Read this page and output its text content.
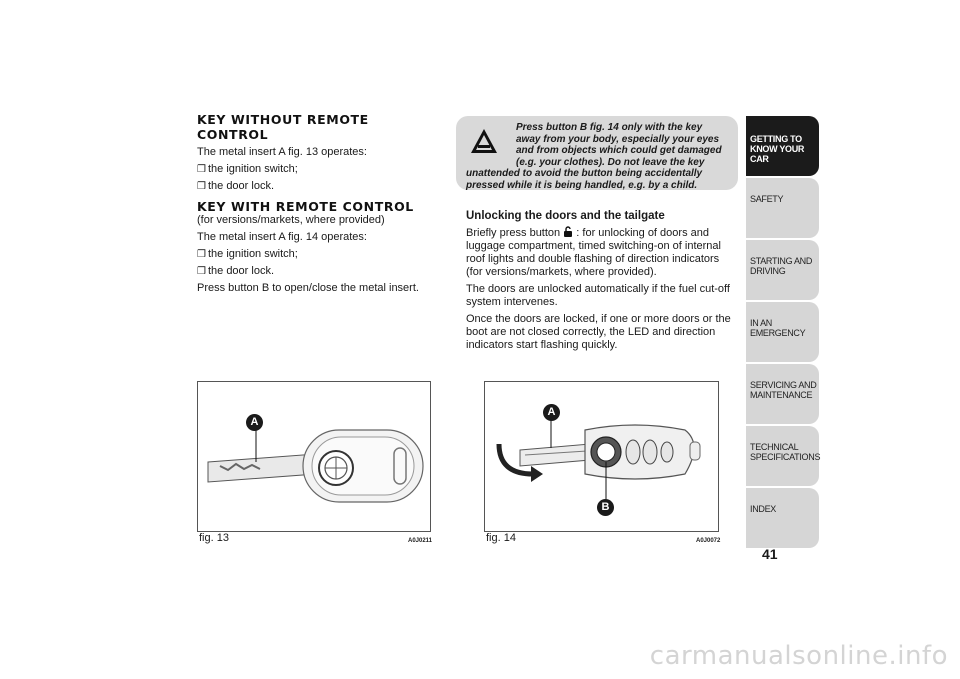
KEY WITHOUT REMOTE CONTROL

The metal insert A fig. 13 operates:

❒ the ignition switch;
❒ the door lock.
KEY WITH REMOTE CONTROL

(for versions/markets, where provided)

The metal insert A fig. 14 operates:

❒ the ignition switch;
❒ the door lock.

Press button B to open/close the metal insert.

Press button B fig. 14 only with the key away from your body, especially your eyes and from objects which could get damaged (e.g. your clothes). Do not leave the key
unattended to avoid the button being accidentally pressed while it is being handled, e.g. by a child.
Unlocking the doors and the tailgate

Briefly press button : for unlocking of doors and luggage compartment, timed switching-on of internal roof lights and double flashing of direction indicators (for versions/markets, where provided).

The doors are unlocked automatically if the fuel cut-off system intervenes.

Once the doors are locked, if one or more doors or the boot are not closed correctly, the LED and direction indicators start flashing quickly.

A
fig. 13	A0J0211
A
B
fig. 14	A0J0072
GETTING TO KNOW YOUR CAR
SAFETY
STARTING AND DRIVING
IN AN EMERGENCY
SERVICING AND MAINTENANCE
TECHNICAL SPECIFICATIONS
INDEX
41
carmanualsonline.info
